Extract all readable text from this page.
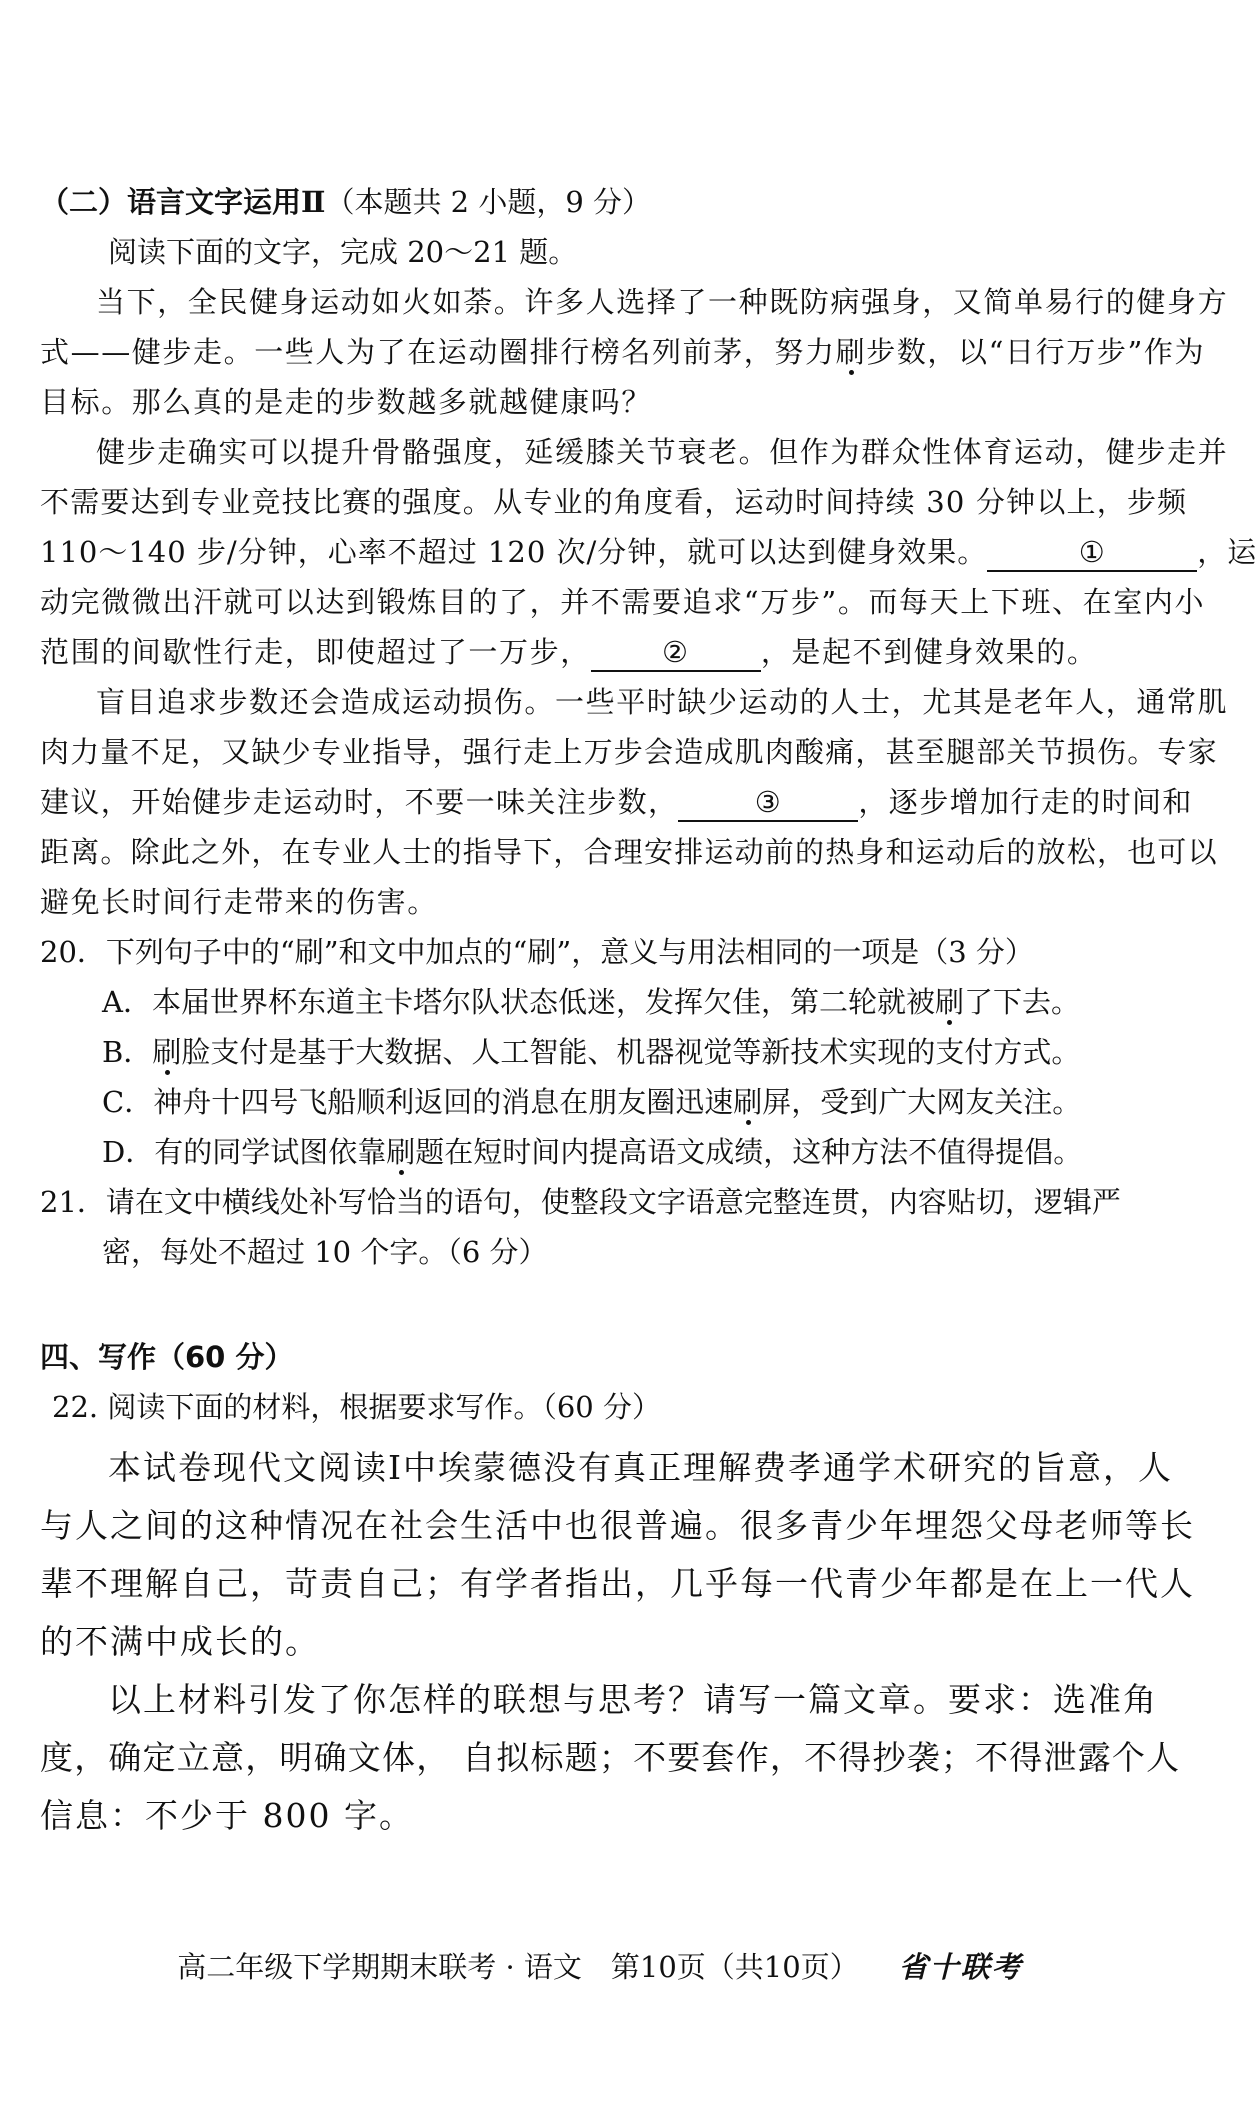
（二）语言文字运用Ⅱ（本题共 2 小题，9 分）
阅读下面的文字，完成 20～21 题。
当下，全民健身运动如火如荼。许多人选择了一种既防病强身，又简单易行的健身方
式——健步走。一些人为了在运动圈排行榜名列前茅，努力刷步数，以“日行万步”作为
目标。那么真的是走的步数越多就越健康吗？
健步走确实可以提升骨骼强度，延缓膝关节衰老。但作为群众性体育运动，健步走并
不需要达到专业竞技比赛的强度。从专业的角度看，运动时间持续 30 分钟以上，步频
110～140 步/分钟，心率不超过 120 次/分钟，就可以达到健身效果。	①	，运
动完微微出汗就可以达到锻炼目的了，并不需要追求“万步”。而每天上下班、在室内小
范围的间歇性行走，即使超过了一万步， ② ，是起不到健身效果的。
盲目追求步数还会造成运动损伤。一些平时缺少运动的人士，尤其是老年人，通常肌
肉力量不足，又缺少专业指导，强行走上万步会造成肌肉酸痛，甚至腿部关节损伤。专家
建议，开始健步走运动时，不要一味关注步数，	③	，逐步增加行走的时间和
距离。除此之外，在专业人士的指导下，合理安排运动前的热身和运动后的放松，也可以
避免长时间行走带来的伤害。
20．下列句子中的“刷”和文中加点的“刷”，意义与用法相同的一项是（3 分）
A．本届世界杯东道主卡塔尔队状态低迷，发挥欠佳，第二轮就被刷了下去。
B．刷脸支付是基于大数据、人工智能、机器视觉等新技术实现的支付方式。
C．神舟十四号飞船顺利返回的消息在朋友圈迅速刷屏，受到广大网友关注。
D．有的同学试图依靠刷题在短时间内提高语文成绩，这种方法不值得提倡。
21．请在文中横线处补写恰当的语句，使整段文字语意完整连贯，内容贴切，逻辑严
密，每处不超过 10 个字。（6 分）
四、写作（60 分）
22. 阅读下面的材料，根据要求写作。（60 分）
本试卷现代文阅读Ⅰ中埃蒙德没有真正理解费孝通学术研究的旨意，人
与人之间的这种情况在社会生活中也很普遍。很多青少年埋怨父母老师等长
辈不理解自己，苛责自己；有学者指出，几乎每一代青少年都是在上一代人
的不满中成长的。
以上材料引发了你怎样的联想与思考？请写一篇文章。要求：选准角
度，确定立意，明确文体， 自拟标题；不要套作，不得抄袭；不得泄露个人
信息：不少于 800 字。
高二年级下学期期末联考 · 语文　第10页（共10页） 省十联考
